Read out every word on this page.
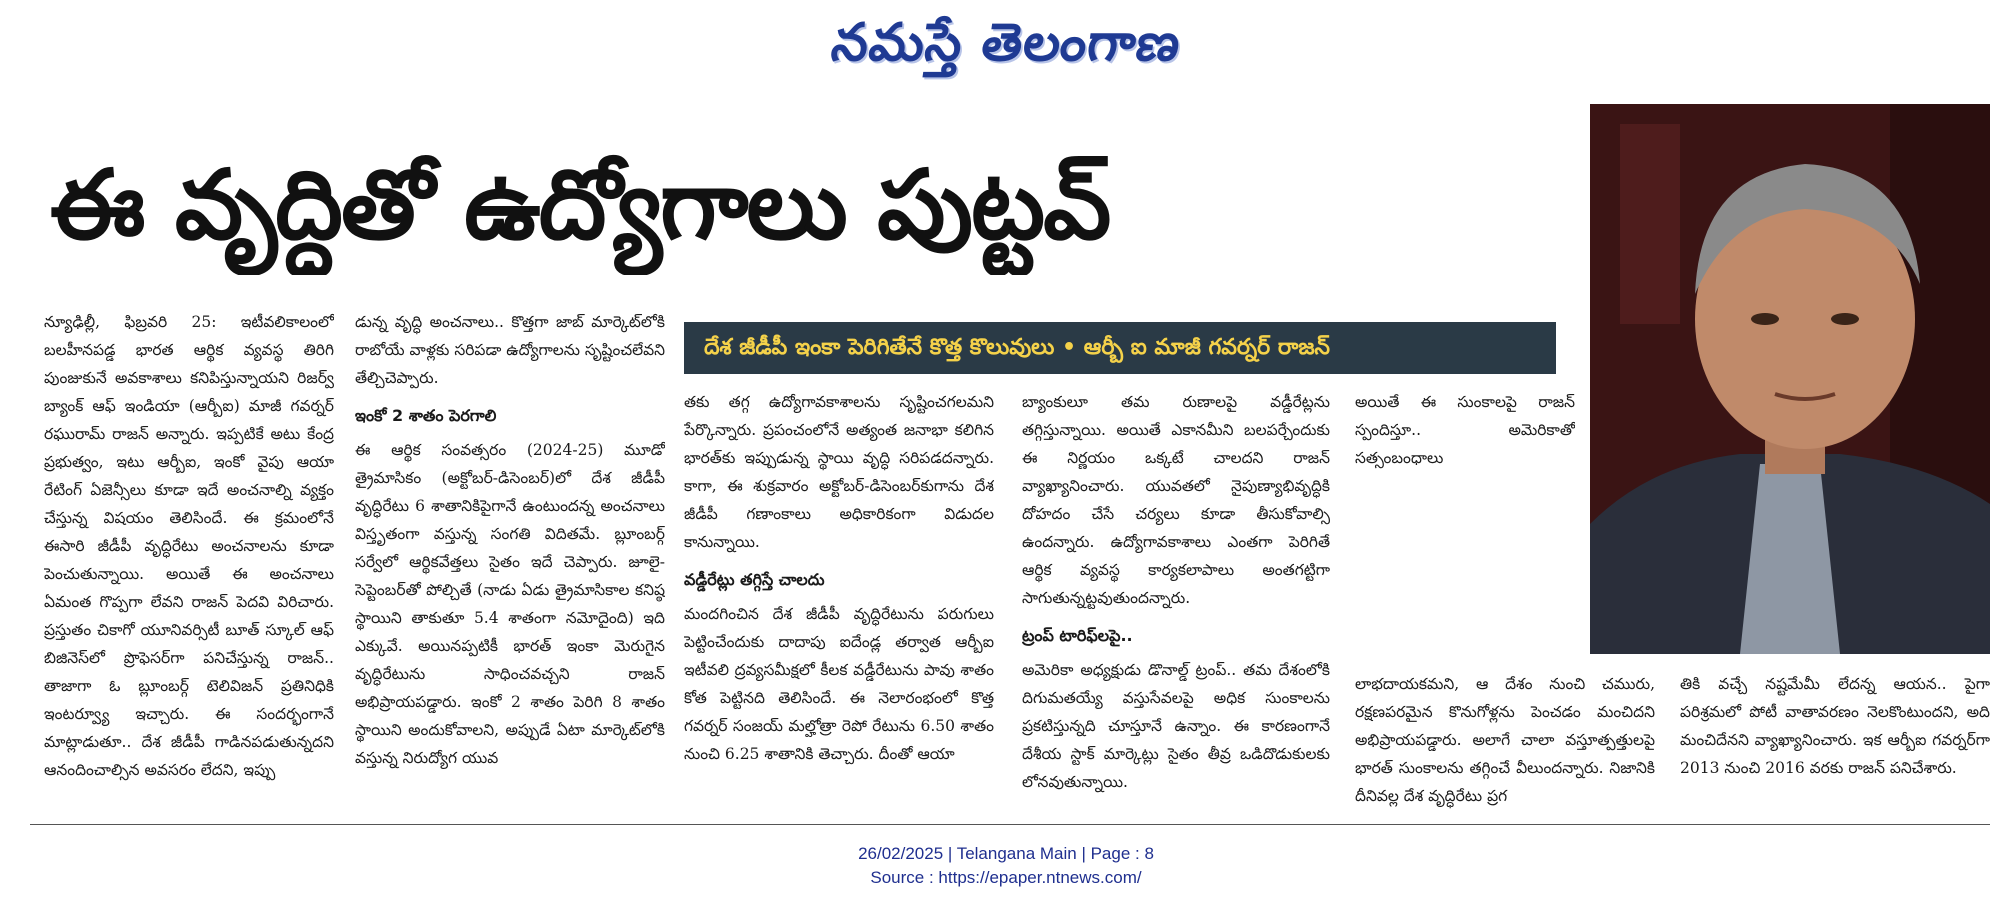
నమస్తే తెలంగాణ
ఈ వృద్ధితో ఉద్యోగాలు పుట్టవ్
దేశ జీడీపీ ఇంకా పెరిగితేనే కొత్త కొలువులు • ఆర్బీ ఐ మాజీ గవర్నర్ రాజన్

న్యూఢిల్లీ, ఫిబ్రవరి 25: ఇటీవలికాలంలో బలహీనపడ్డ భారత ఆర్థిక వ్యవస్థ తిరిగి పుంజుకునే అవకాశాలు కనిపిస్తున్నాయని రిజర్వ్ బ్యాంక్ ఆఫ్ ఇండియా (ఆర్బీఐ) మాజీ గవర్నర్ రఘురామ్ రాజన్ అన్నారు. ఇప్పటికే అటు కేంద్ర ప్రభుత్వం, ఇటు ఆర్బీఐ, ఇంకో వైపు ఆయా రేటింగ్ ఏజెన్సీలు కూడా ఇదే అంచనాల్ని వ్యక్తం చేస్తున్న విషయం తెలిసిందే. ఈ క్రమంలోనే ఈసారి జీడీపీ వృద్ధిరేటు అంచనాలను కూడా పెంచుతున్నాయి. అయితే ఈ అంచనాలు ఏమంత గొప్పగా లేవని రాజన్ పెదవి విరిచారు. ప్రస్తుతం చికాగో యూనివర్సిటీ బూత్ స్కూల్ ఆఫ్ బిజినెస్‌లో ప్రొఫెసర్‌గా పనిచేస్తున్న రాజన్.. తాజాగా ఓ బ్లూంబర్గ్ టెలివిజన్ ప్రతినిధికి ఇంటర్వ్యూ ఇచ్చారు. ఈ సందర్భంగానే మాట్లాడుతూ.. దేశ జీడీపీ గాడినపడుతున్నదని ఆనందించాల్సిన అవసరం లేదని, ఇప్పు

డున్న వృద్ధి అంచనాలు.. కొత్తగా జాబ్ మార్కెట్‌లోకి రాబోయే వాళ్లకు సరిపడా ఉద్యోగాలను సృష్టించలేవని తేల్చిచెప్పారు.

ఇంకో 2 శాతం పెరగాలి

ఈ ఆర్థిక సంవత్సరం (2024-25) మూడో త్రైమాసికం (అక్టోబర్-డిసెంబర్)లో దేశ జీడీపీ వృద్ధిరేటు 6 శాతానికిపైగానే ఉంటుందన్న అంచనాలు విస్తృతంగా వస్తున్న సంగతి విదితమే. బ్లూంబర్గ్ సర్వేలో ఆర్థికవేత్తలు సైతం ఇదే చెప్పారు. జూలై-సెప్టెంబర్‌తో పోల్చితే (నాడు ఏడు త్రైమాసికాల కనిష్ఠ స్థాయిని తాకుతూ 5.4 శాతంగా నమోదైంది) ఇది ఎక్కువే. అయినప్పటికీ భారత్ ఇంకా మెరుగైన వృద్ధిరేటును సాధించవచ్చని రాజన్ అభిప్రాయపడ్డారు. ఇంకో 2 శాతం పెరిగి 8 శాతం స్థాయిని అందుకోవాలని, అప్పుడే ఏటా మార్కెట్‌లోకి వస్తున్న నిరుద్యోగ యువ

తకు తగ్గ ఉద్యోగావకాశాలను సృష్టించగలమని పేర్కొన్నారు. ప్రపంచంలోనే అత్యంత జనాభా కలిగిన భారత్‌కు ఇప్పుడున్న స్థాయి వృద్ధి సరిపడదన్నారు. కాగా, ఈ శుక్రవారం అక్టోబర్-డిసెంబర్‌కుగాను దేశ జీడీపీ గణాంకాలు అధికారికంగా విడుదల కానున్నాయి.

వడ్డీరేట్లు తగ్గిస్తే చాలదు

మందగించిన దేశ జీడీపీ వృద్ధిరేటును పరుగులు పెట్టించేందుకు దాదాపు ఐదేండ్ల తర్వాత ఆర్బీఐ ఇటీవలి ద్రవ్యసమీక్షలో కీలక వడ్డీరేటును పావు శాతం కోత పెట్టినది తెలిసిందే. ఈ నెలారంభంలో కొత్త గవర్నర్ సంజయ్ మల్హోత్రా రెపో రేటును 6.50 శాతం నుంచి 6.25 శాతానికి తెచ్చారు. దీంతో ఆయా

బ్యాంకులూ తమ రుణాలపై వడ్డీరేట్లను తగ్గిస్తున్నాయి. అయితే ఎకానమీని బలపర్చేందుకు ఈ నిర్ణయం ఒక్కటే చాలదని రాజన్ వ్యాఖ్యానించారు. యువతలో నైపుణ్యాభివృద్ధికి దోహదం చేసే చర్యలు కూడా తీసుకోవాల్సి ఉందన్నారు. ఉద్యోగావకాశాలు ఎంతగా పెరిగితే ఆర్థిక వ్యవస్థ కార్యకలాపాలు అంతగట్టిగా సాగుతున్నట్టవుతుందన్నారు.

ట్రంప్ టారిఫ్‌లపై..

అమెరికా అధ్యక్షుడు డొనాల్డ్ ట్రంప్.. తమ దేశంలోకి దిగుమతయ్యే వస్తుసేవలపై అధిక సుంకాలను ప్రకటిస్తున్నది చూస్తూనే ఉన్నాం. ఈ కారణంగానే దేశీయ స్టాక్ మార్కెట్లు సైతం తీవ్ర ఒడిదొడుకులకు లోనవుతున్నాయి.

అయితే ఈ సుంకాలపై రాజన్ స్పందిస్తూ.. అమెరికాతో సత్సంబంధాలు

లాభదాయకమని, ఆ దేశం నుంచి చమురు, రక్షణపరమైన కొనుగోళ్లను పెంచడం మంచిదని అభిప్రాయపడ్డారు. అలాగే చాలా వస్తూత్పత్తులపై భారత్ సుంకాలను తగ్గించే వీలుందన్నారు. నిజానికి దీనివల్ల దేశ వృద్ధిరేటు ప్రగ

తికి వచ్చే నష్టమేమీ లేదన్న ఆయన.. పైగా పరిశ్రమలో పోటీ వాతావరణం నెలకొంటుందని, అది మంచిదేనని వ్యాఖ్యానించారు. ఇక ఆర్బీఐ గవర్నర్‌గా 2013 నుంచి 2016 వరకు రాజన్ పనిచేశారు.

26/02/2025 | Telangana Main | Page : 8
Source : https://epaper.ntnews.com/
